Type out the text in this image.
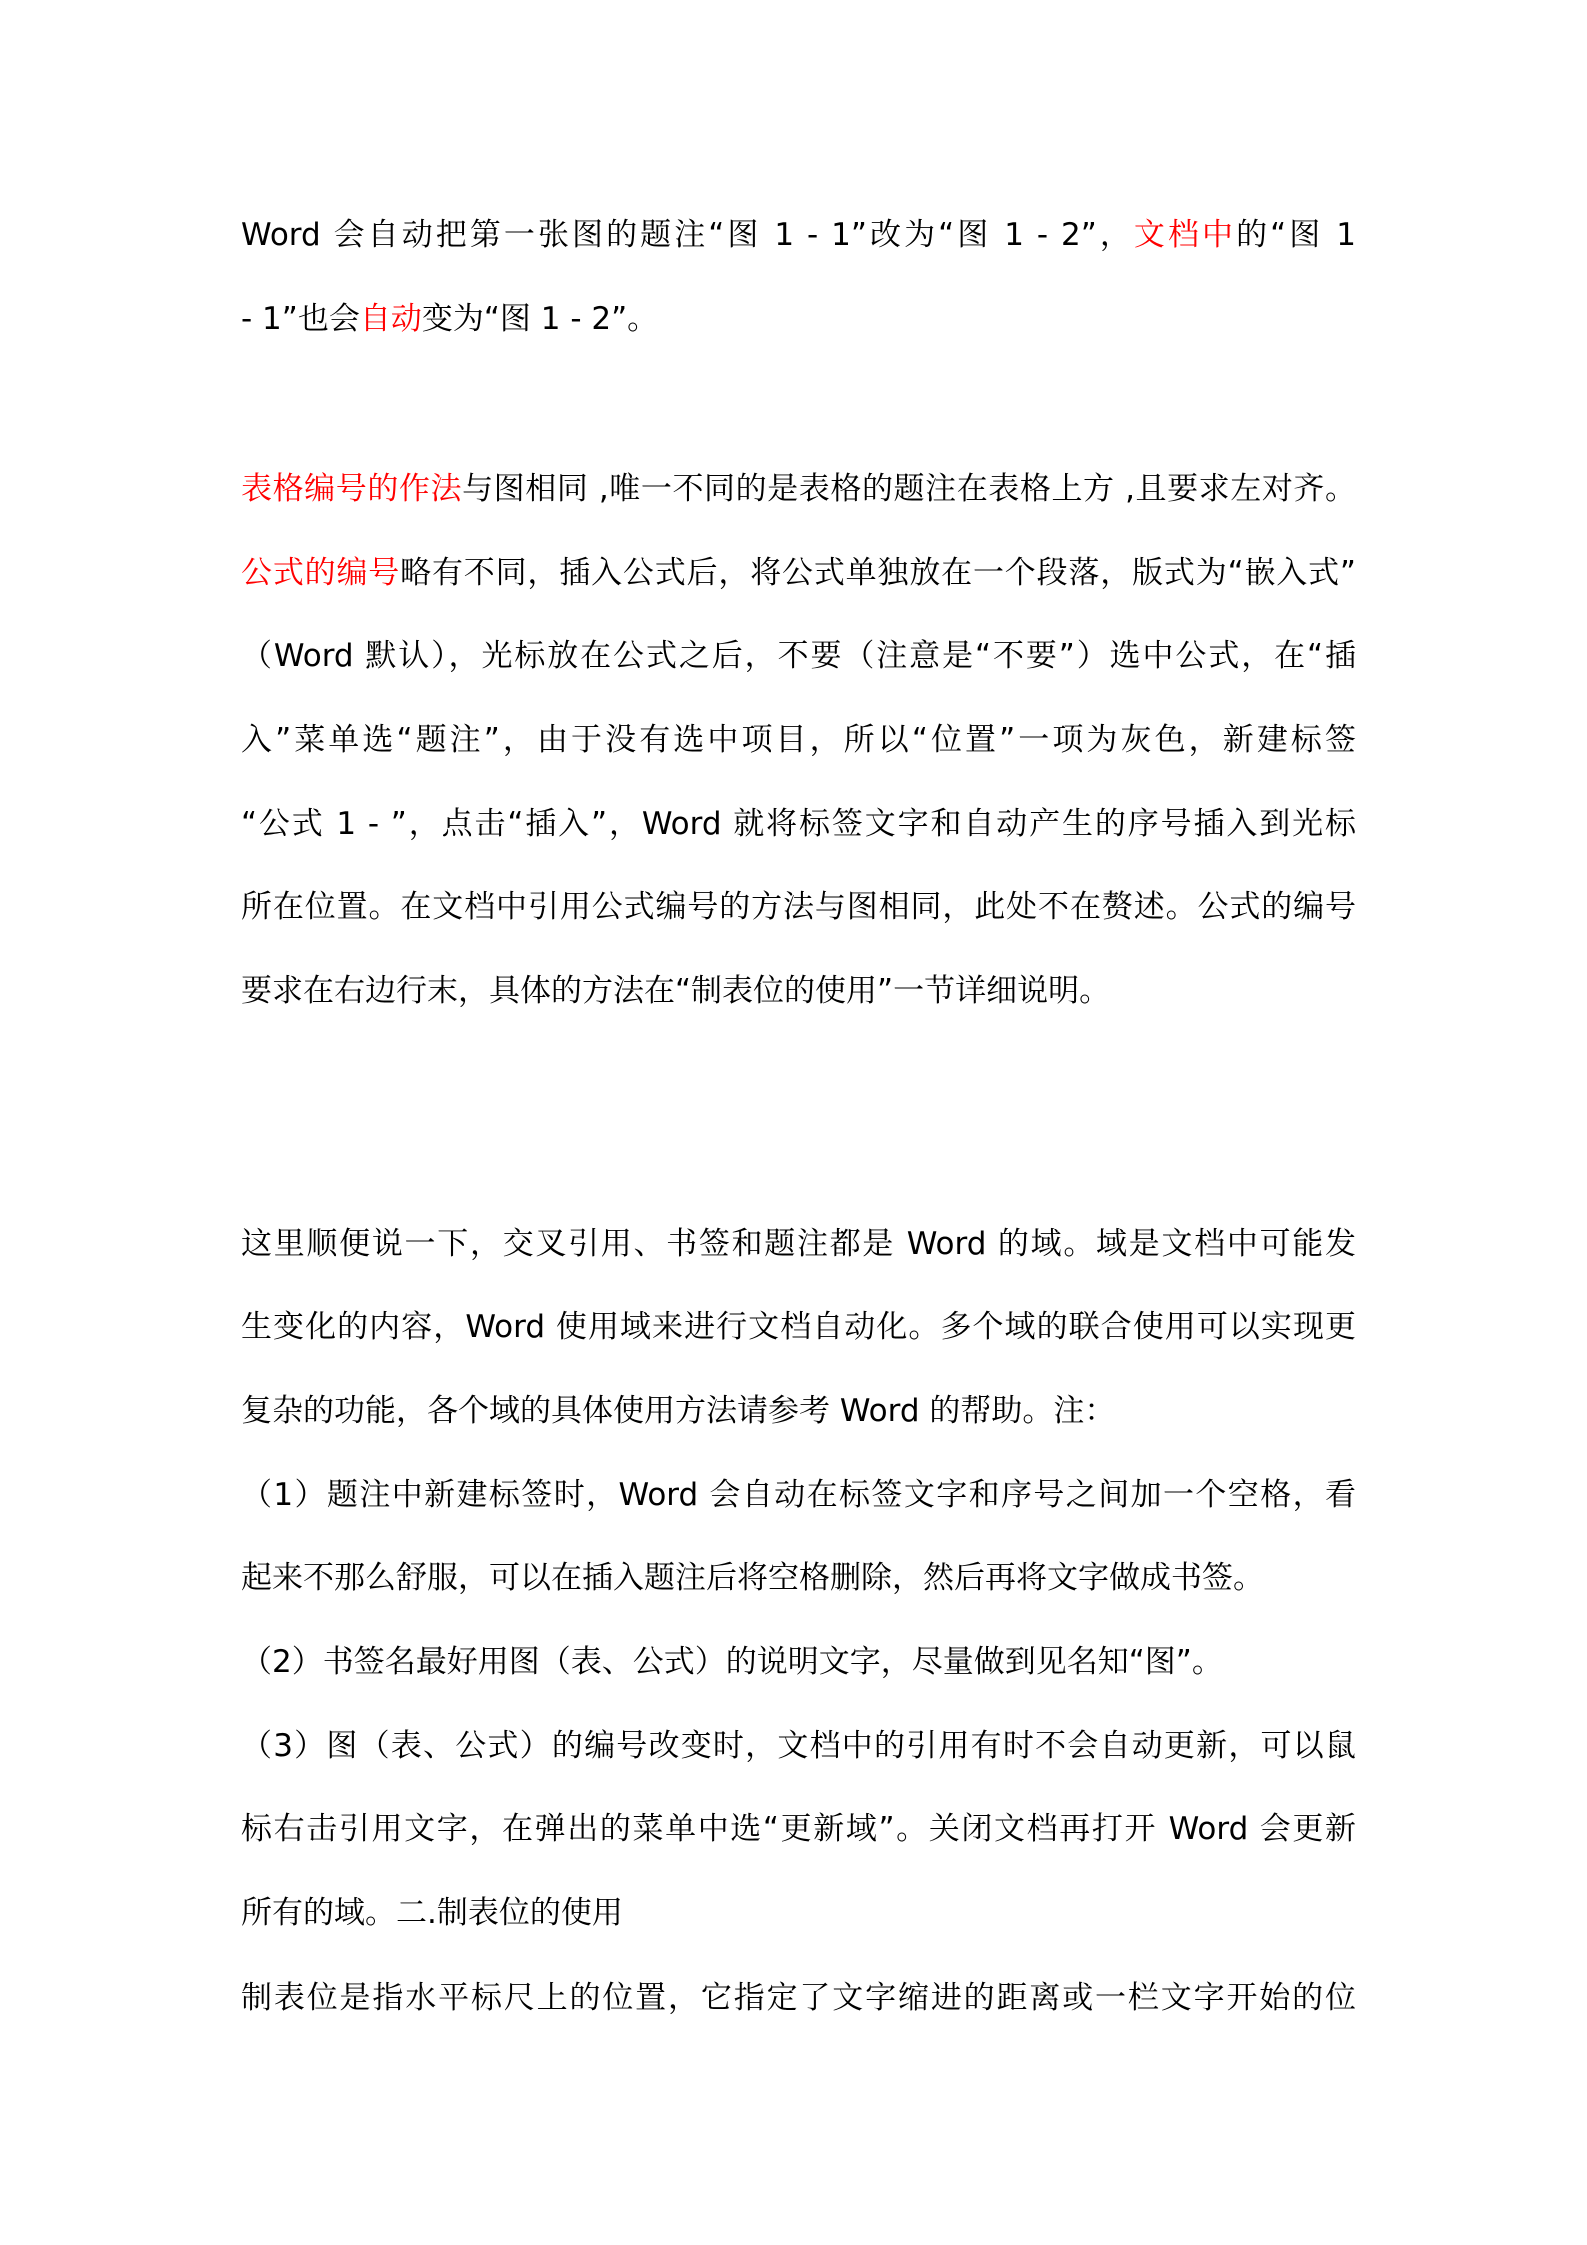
Word 会自动把第一张图的题注“图 1 - 1”改为“图 1 - 2”，文档中的“图 1
- 1”也会自动变为“图 1 - 2”。
表格编号的作法与图相同 ,唯一不同的是表格的题注在表格上方 ,且要求左对齐。
公式的编号略有不同，插入公式后，将公式单独放在一个段落，版式为“嵌入式”
（Word 默认），光标放在公式之后，不要（注意是“不要”）选中公式，在“插
入”菜单选“题注”，由于没有选中项目，所以“位置”一项为灰色，新建标签
“公式 1 - ”，点击“插入”，Word 就将标签文字和自动产生的序号插入到光标
所在位置。在文档中引用公式编号的方法与图相同，此处不在赘述。公式的编号
要求在右边行末，具体的方法在“制表位的使用”一节详细说明。
这里顺便说一下，交叉引用、书签和题注都是 Word 的域。域是文档中可能发
生变化的内容，Word 使用域来进行文档自动化。多个域的联合使用可以实现更
复杂的功能，各个域的具体使用方法请参考 Word 的帮助。注：
（1）题注中新建标签时，Word 会自动在标签文字和序号之间加一个空格，看
起来不那么舒服，可以在插入题注后将空格删除，然后再将文字做成书签。
（2）书签名最好用图（表、公式）的说明文字，尽量做到见名知“图”。
（3）图（表、公式）的编号改变时，文档中的引用有时不会自动更新，可以鼠
标右击引用文字，在弹出的菜单中选“更新域”。关闭文档再打开 Word 会更新
所有的域。二.制表位的使用
制表位是指水平标尺上的位置，它指定了文字缩进的距离或一栏文字开始的位
